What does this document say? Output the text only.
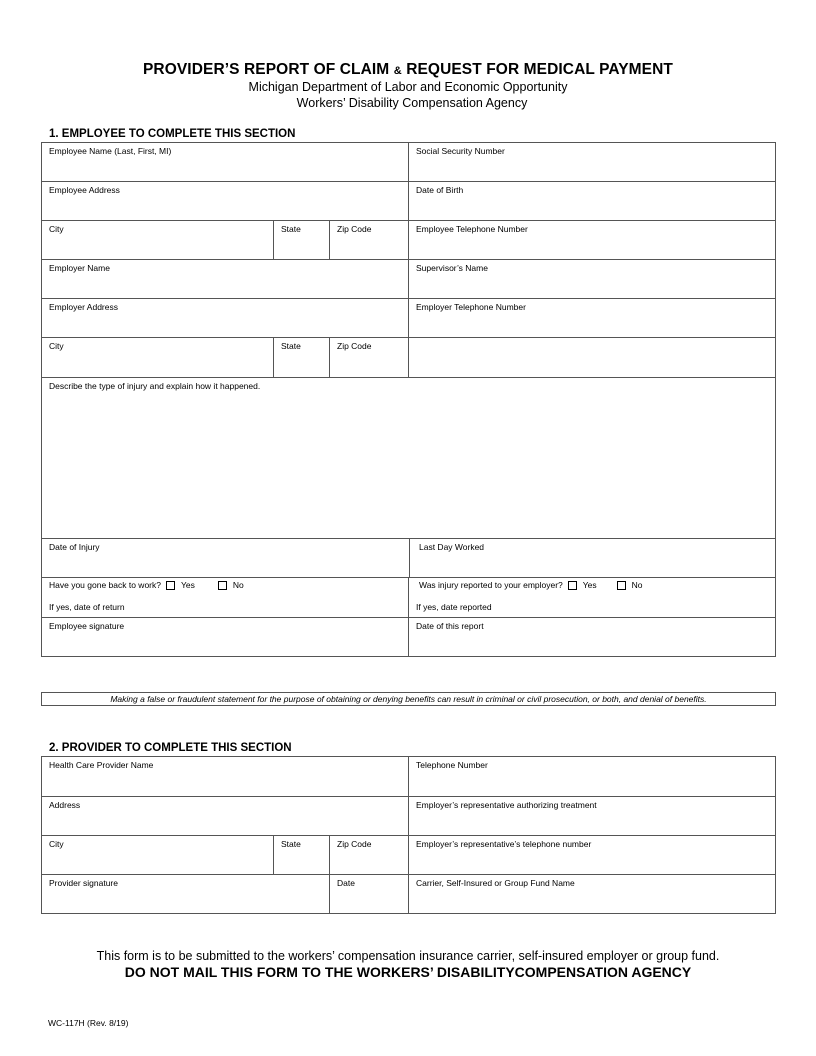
PROVIDER’S REPORT OF CLAIM & REQUEST FOR MEDICAL PAYMENT
Michigan Department of Labor and Economic Opportunity
Workers’ Disability Compensation Agency
1. EMPLOYEE TO COMPLETE THIS SECTION
Employee Name (Last, First, MI)	Social Security Number
Employee Address	Date of Birth
City	State	Zip Code	Employee Telephone Number
Employer Name	Supervisor’s Name
Employer Address	Employer Telephone Number
City	State	Zip Code
Describe the type of injury and explain how it happened.
Date of Injury	Last Day Worked
Have you gone back to work? Yes	No
If yes, date of return
Was injury reported to your employer? Yes	No
If yes, date reported
Employee signature	Date of this report
Making a false or fraudulent statement for the purpose of obtaining or denying benefits can result in criminal or civil prosecution, or both, and denial of benefits.
2. PROVIDER TO COMPLETE THIS SECTION
Health Care Provider Name	Telephone Number
Address	Employer’s representative authorizing treatment
City	State	Zip Code	Employer’s representative’s telephone number
Provider signature	Date	Carrier, Self-Insured or Group Fund Name
This form is to be submitted to the workers’ compensation insurance carrier, self-insured employer or group fund.
DO NOT MAIL THIS FORM TO THE WORKERS’ DISABILITYCOMPENSATION AGENCY
WC-117H (Rev. 8/19)
